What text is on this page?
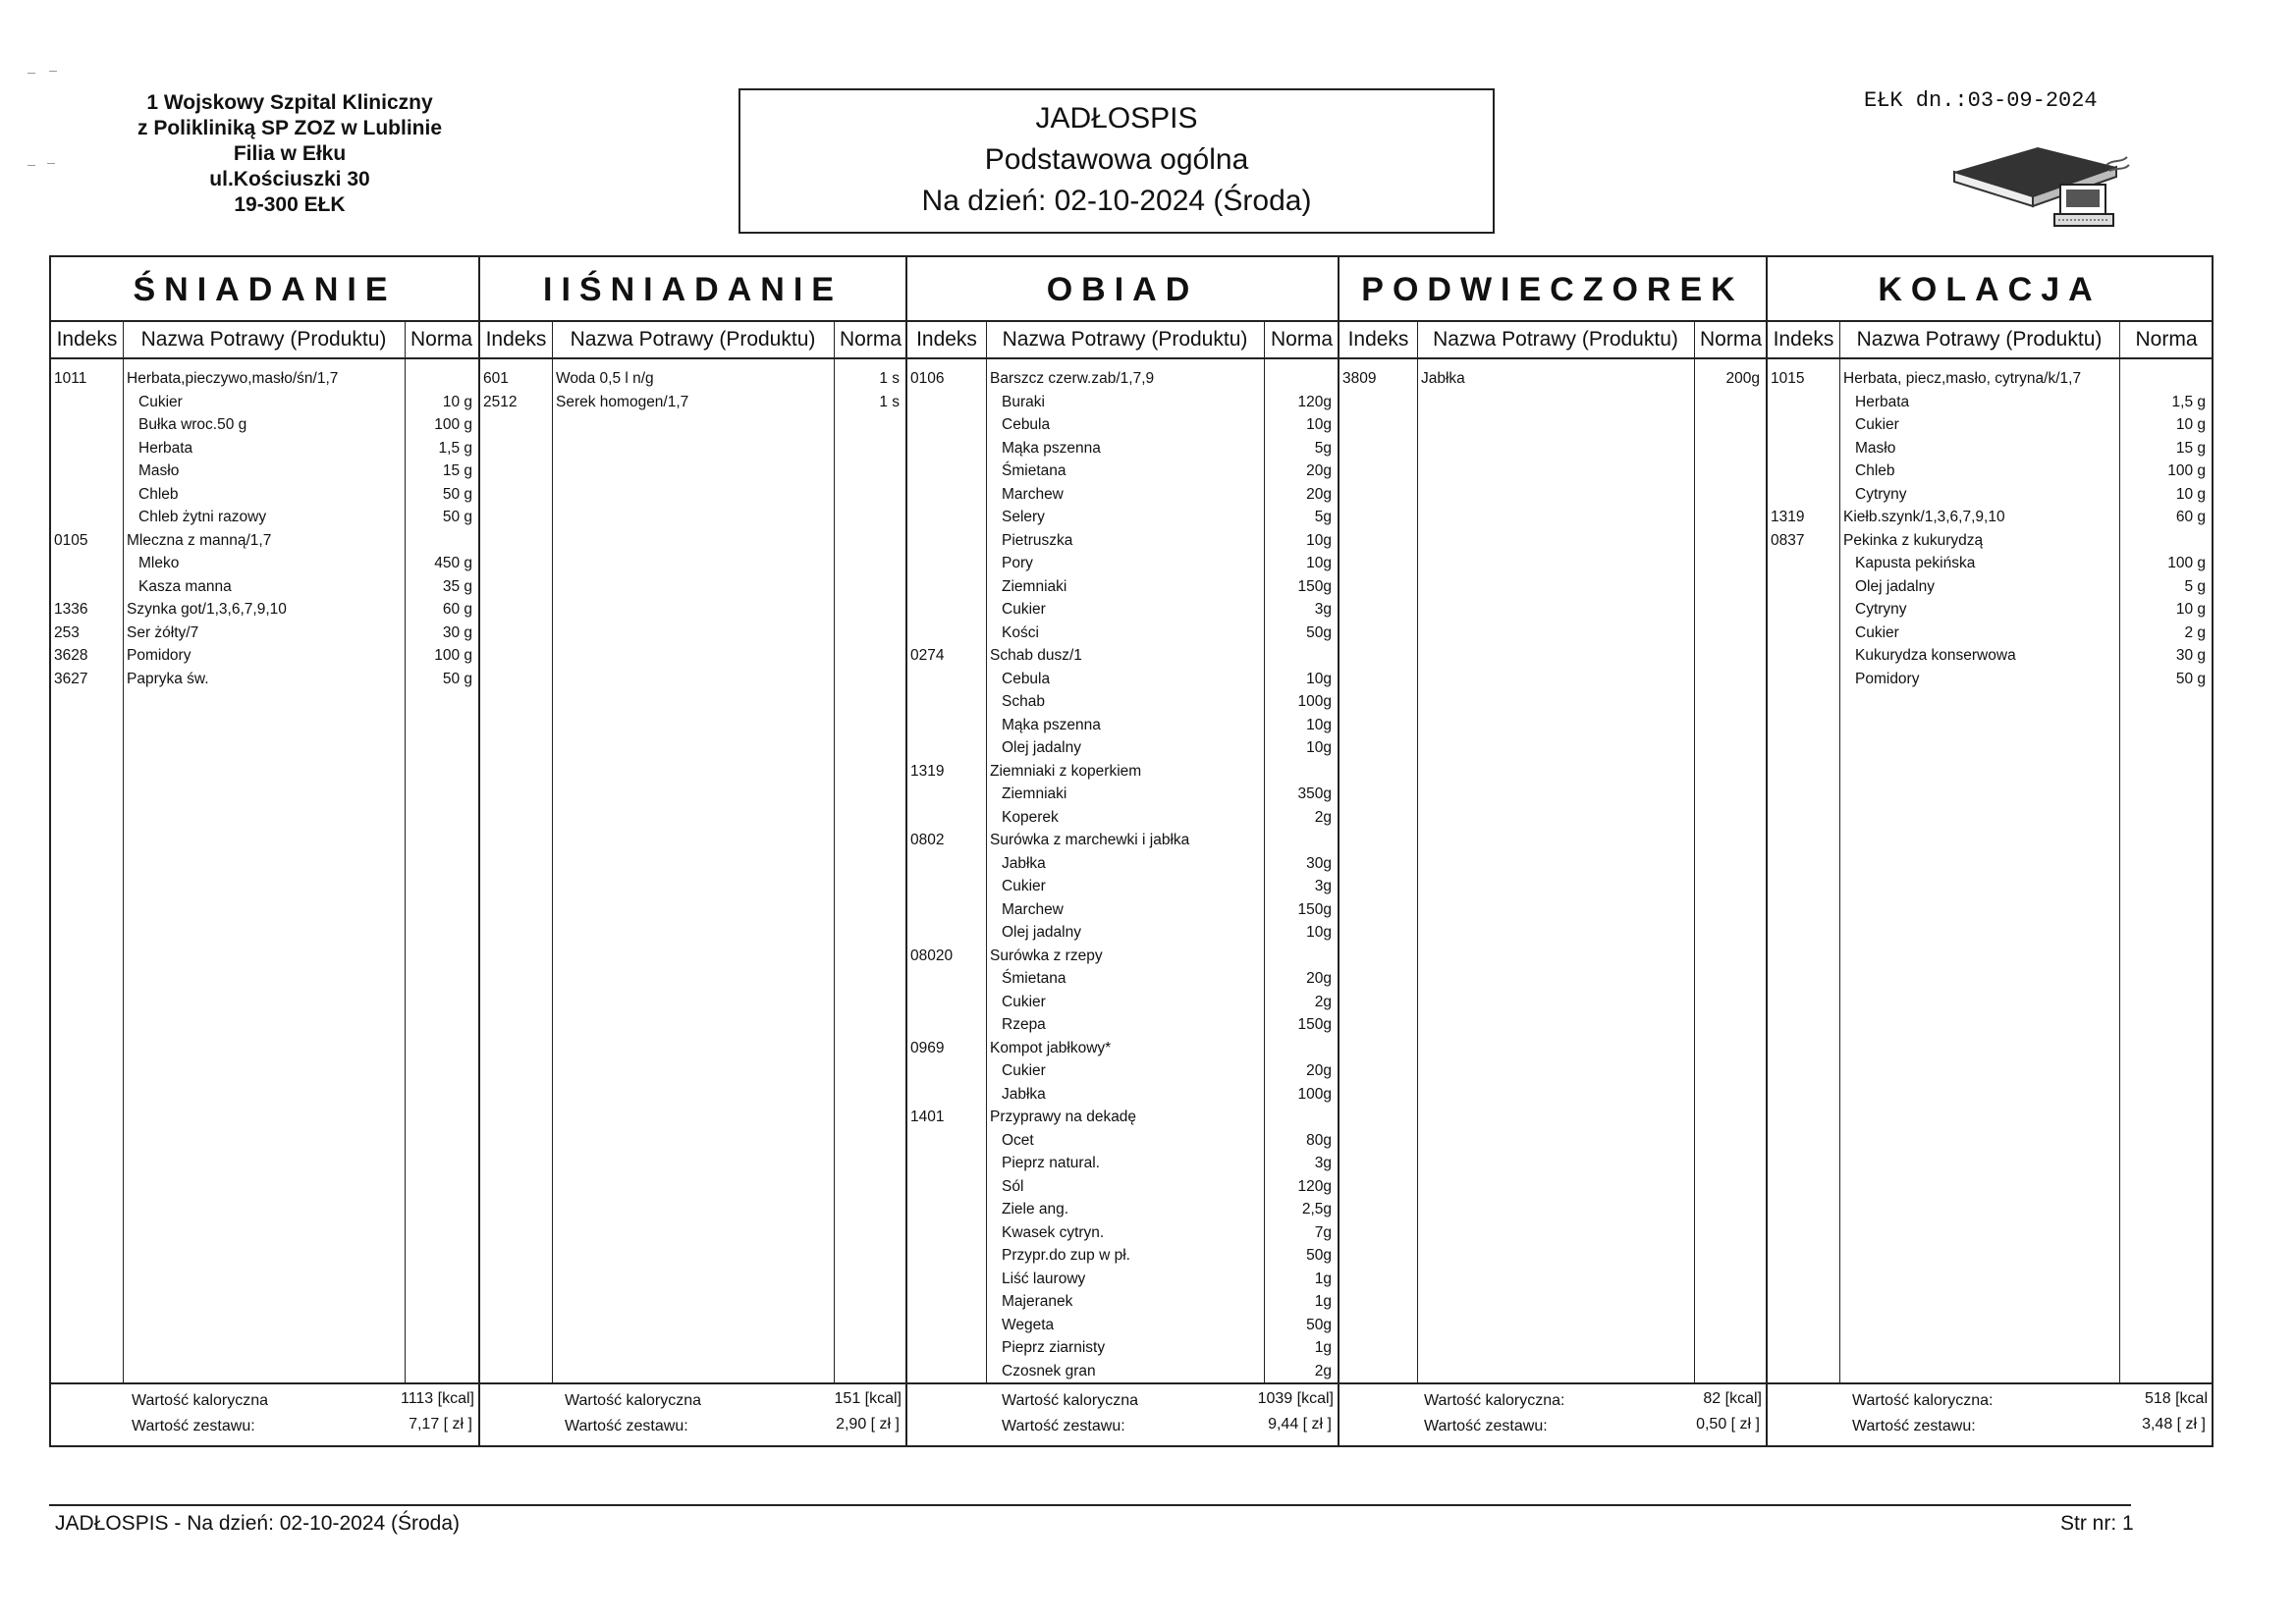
1 Wojskowy Szpital Kliniczny
z Polikliniką SP ZOZ w Lublinie
Filia w Ełku
ul.Kościuszki 30
19-300 EŁK
JADŁOSPIS
Podstawowa ogólna
Na dzień: 02-10-2024 (Środa)
EŁK dn.:03-09-2024
ŚNIADANIE
Indeks	Nazwa Potrawy (Produktu)	Norma
1011	Herbata,pieczywo,masło/śn/1,7
Cukier	10 g
Bułka wroc.50 g	100 g
Herbata	1,5 g
Masło	15 g
Chleb	50 g
Chleb żytni razowy	50 g
0105	Mleczna z manną/1,7
Mleko	450 g
Kasza manna	35 g
1336	Szynka got/1,3,6,7,9,10	60 g
253	Ser żółty/7	30 g
3628	Pomidory	100 g
3627	Papryka św.	50 g
Wartość kaloryczna	1113 [kcal]
Wartość zestawu:	7,17 [ zł ]
IIŚNIADANIE
Indeks	Nazwa Potrawy (Produktu)	Norma
601	Woda 0,5 l n/g	1 s
2512	Serek homogen/1,7	1 s
Wartość kaloryczna	151 [kcal]
Wartość zestawu:	2,90 [ zł ]
OBIAD
Indeks	Nazwa Potrawy (Produktu)	Norma
0106	Barszcz czerw.zab/1,7,9
Buraki	120g
Cebula	10g
Mąka pszenna	5g
Śmietana	20g
Marchew	20g
Selery	5g
Pietruszka	10g
Pory	10g
Ziemniaki	150g
Cukier	3g
Kości	50g
0274	Schab dusz/1
Cebula	10g
Schab	100g
Mąka pszenna	10g
Olej jadalny	10g
1319	Ziemniaki z koperkiem
Ziemniaki	350g
Koperek	2g
0802	Surówka z marchewki i jabłka
Jabłka	30g
Cukier	3g
Marchew	150g
Olej jadalny	10g
08020 Surówka z rzepy
Śmietana	20g
Cukier	2g
Rzepa	150g
0969	Kompot jabłkowy*
Cukier	20g
Jabłka	100g
1401	Przyprawy na dekadę
Ocet	80g
Pieprz natural.	3g
Sól	120g
Ziele ang.	2,5g
Kwasek cytryn.	7g
Przypr.do zup w pł.	50g
Liść laurowy	1g
Majeranek	1g
Wegeta	50g
Pieprz ziarnisty	1g
Czosnek gran	2g
Wartość kaloryczna	1039 [kcal]
Wartość zestawu:	9,44 [ zł ]
PODWIECZOREK
Indeks	Nazwa Potrawy (Produktu)	Norma
3809	Jabłka	200g
Wartość kaloryczna:	82 [kcal]
Wartość zestawu:	0,50 [ zł ]
KOLACJA
Indeks	Nazwa Potrawy (Produktu)	Norma
1015	Herbata, piecz,masło, cytryna/k/1,7
Herbata	1,5 g
Cukier	10 g
Masło	15 g
Chleb	100 g
Cytryny	10 g
1319	Kiełb.szynk/1,3,6,7,9,10	60 g
0837	Pekinka z kukurydzą
Kapusta pekińska	100 g
Olej jadalny	5 g
Cytryny	10 g
Cukier	2 g
Kukurydza konserwowa	30 g
Pomidory	50 g
Wartość kaloryczna:	518 [kcal
Wartość zestawu:	3,48 [ zł ]
JADŁOSPIS - Na dzień: 02-10-2024 (Środa)	Str nr: 1
